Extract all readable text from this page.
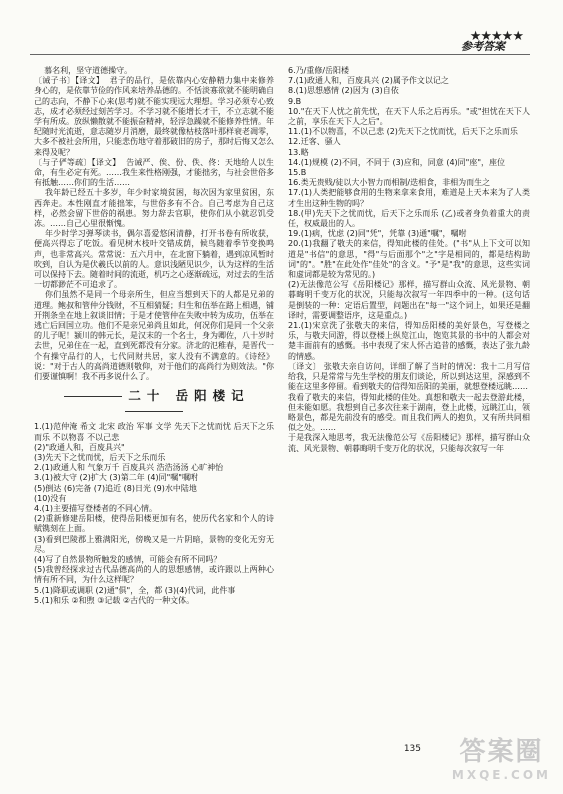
★★★★★
参考答案

慕名利，坚守道德操守。

〔诫子书〕【译文】  君子的品行，是依靠内心安静精力集中来修养身心的，是依靠节俭的作风来培养品德的。不恬淡寡欲就不能明确自己的志向，不静下心来(思考)就不能实现远大理想。学习必须专心致志，成才必须经过刻苦学习。不学习就不能增长才干，不立志就不能学有所成。放纵懒散就不能振奋精神，轻浮急躁就不能修养性情。年纪随时光流逝，意志随岁月消磨，最终就像枯枝落叶那样衰老凋零，大多不被社会所用，只能悲伤地守着那破旧的房子，那时后悔又怎么来得及呢？

〔与子俨等疏〕【译文】  告诫严、俟、份、佚、佟：天地给人以生命，有生必定有死。……我生来性格刚强，才能拙劣，与社会世俗多有抵触……你们的生活……

我年龄已经五十多岁，年少时家境贫困，每次因为家里贫困，东西奔走。本性刚直才能拙笨，与世俗多有不合。自己考虑为自己这样，必然会留下世俗的祸患。努力辞去官职，使你们从小就忍饥受冻。……自己心里很惭愧。

年少时学习弹琴读书，偶尔喜爱悠闲清静，打开书卷有所收获，便高兴得忘了吃饭。看见树木枝叶交错成荫，候鸟随着季节变换鸣声，也非常高兴。常常说：五六月中，在北窗下躺着，遇到凉风暂时吹到，自认为是伏羲氏以前的人。意识浅陋见识少，认为这样的生活可以保持下去。随着时间的流逝，机巧之心逐渐疏远，对过去的生活一切都渺茫不可追求了。

你们虽然不是同一个母亲所生，但应当想到天下的人都是兄弟的道理。鲍叔和管仲分钱财，不互相猜疑；归生和伍举在路上相遇，铺开荆条坐在地上叙谈旧情；于是才使管仲在失败中转为成功，伍举在逃亡后回国立功。他们不是亲兄弟尚且如此，何况你们是同一个父亲的儿子呢！颍川的韩元长，是汉末的一个名士，身为卿佐，八十岁时去世，兄弟住在一起，直到死都没有分家。济北的氾稚春，是晋代一个有操守品行的人，七代同财共居，家人没有不满意的。《诗经》说："对于古人的高尚道德则敬仰，对于他们的高尚行为则效法。"你们要谨慎啊！我不再多说什么了。

二十 岳阳楼记
1.(1)范仲淹 希文 北宋 政治 军事 文学 先天下之忧而忧 后天下之乐而乐 不以物喜 不以己悲
(2)"政通人和，百废具兴"
(3)先天下之忧而忧，后天下之乐而乐
2.(1)政通人和 气象万千 百废具兴 浩浩汤汤 心旷神怡
3.(1)被大守 (2)扩大 (3)第二年 (4)同"嘱"嘱咐
(5)倒达 (6)完备 (7)追近 (8)日光 (9)水中陆地
(10)没有
4.(1)主要描写登楼者的不同心情。
(2)重新修建岳阳楼，使得岳阳楼更加有名，使历代名家和个人的诗赋镌刻在上面。
(3)看到巴陵郡上雅满阳光，傍晚又是一片阴暗，景物的变化无穷无尽。
(4)写了自然景物所触发的感情，可能会有所不同吗？
(5)我曾经探求过古代品德高尚的人的思想感情，或许跟以上两种心情有所不同，为什么这样呢？
5.(1)降职或调职 (2)通"俱"，全，都 (3)(4)代词，此件事
5.(1)和乐 ②和煦 ③记载 ②古代的一种文体。
6.乃/重修/岳阳楼
7.(1)政通人和，百废具兴 (2)属予作文以记之
8.(1)思想感情 (2)因为 (3)自依
9.B
10."在天下人忧之前先忧，在天下人乐之后再乐。"或"担忧在天下人之前，享乐在天下人之后"。
11.(1)不以物喜，不以己悲 (2)先天下之忧而忧，后天下之乐而乐
12.迁客、骚人
13.略
14.(1)规模 (2)不同，不同于 (3)应和，同意 (4)同"座"，座位
15.B
16.类无贵贱/徒以大小智力而相制/迭相食，非相为而生之
17.(1)人类把能够食用的生物来拿来食用，难道是上天本来为了人类才生出这种生物的吗？
18.(甲)先天下之忧而忧，后天下之乐而乐 (乙)或者身负着重大的责任，权威最出的人。
19.(1)病，忧虑 (2)同"凭"，凭靠 (3)通"嘱"，嘱咐
20.(1)我翻了敬夫的来信，得知此楼的佳处。("书"从上下文可以知道是"书信"的意思，"得"与后面那个"之"字是相同的，都是结构助词"的"。"胜"在此处作"佳处"的含义。"予"是"我"的意思，这些实词和虚词都是较为常见的。)
(2)无法像范公写《岳阳楼记》那样，描写群山众流、风光景物、朝暮晦明千变万化的状况，只能每次叙写一年四季中的一种。(这句话是倒装的一种：定语后置型，问题出在"每一"这个词上，如果还是翻译时，需要调整语序，这是重点。)
21.(1)宋京洗了张敬夫的来信，得知岳阳楼的美好景色，写登楼之乐，与敬夫同游，得以登楼上纵览江山，饱览其景的书中的人都会对楚丰面前有的感慨。书中表现了宋人怀古追昔的感慨，表达了张九龄的情感。
〔译文〕 张敬夫亲自访问，详细了解了当时的情况：我十二月写信给我，只是常常与先生学校的朋友们谈论，所以到达这里，深感到不能在这里多停留。看到敬夫的信得知岳阳的美丽，就想登楼远眺……
我看了敬夫的来信，得知此楼的佳处。真想和敬夫一起去登游此楼，但未能如愿。我想到自己多次往来于湖南，登上此楼，远眺江山，领略景色，都是先前没有的感受。而且我们两人的抱负，又有所共同相似之处。……
于是我深入地思考，我无法像范公写《岳阳楼记》那样，描写群山众流、风光景物、朝暮晦明千变万化的状况，只能每次叙写一年
135 答案圈
MXQE.COM
